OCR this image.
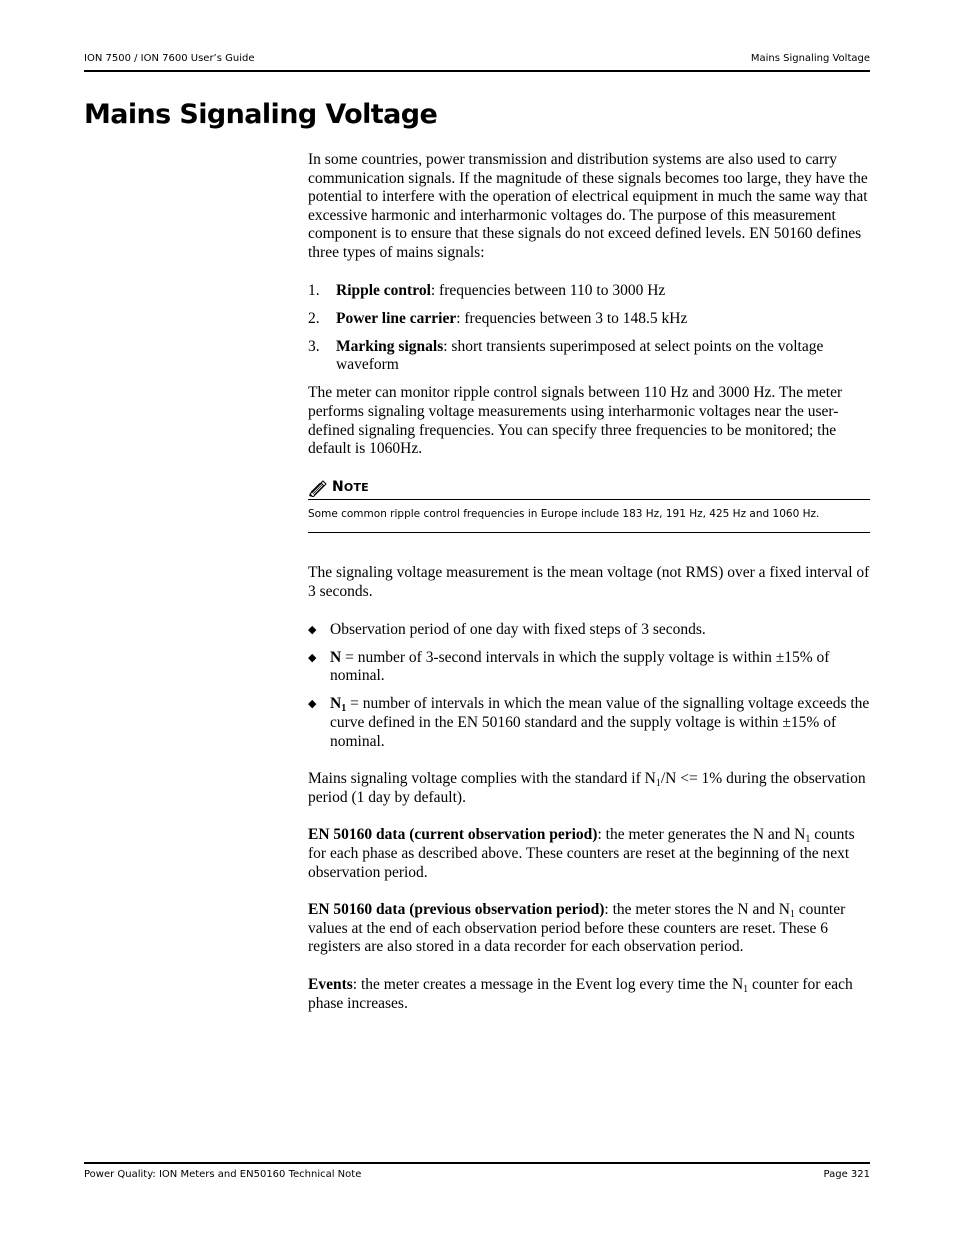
ION 7500 / ION 7600 User’s Guide	Mains Signaling Voltage
Mains Signaling Voltage

In some countries, power transmission and distribution systems are also used to carry communication signals. If the magnitude of these signals becomes too large, they have the potential to interfere with the operation of electrical equipment in much the same way that excessive harmonic and interharmonic voltages do. The purpose of this measurement component is to ensure that these signals do not exceed defined levels. EN 50160 defines three types of mains signals:

1. Ripple control: frequencies between 110 to 3000 Hz
2. Power line carrier: frequencies between 3 to 148.5 kHz
3. Marking signals: short transients superimposed at select points on the voltage waveform

The meter can monitor ripple control signals between 110 Hz and 3000 Hz. The meter performs signaling voltage measurements using interharmonic voltages near the user-defined signaling frequencies. You can specify three frequencies to be monitored; the default is 1060Hz.

NOTE
Some common ripple control frequencies in Europe include 183 Hz, 191 Hz, 425 Hz and 1060 Hz.

The signaling voltage measurement is the mean voltage (not RMS) over a fixed interval of 3 seconds.

◆ Observation period of one day with fixed steps of 3 seconds.
◆ N = number of 3-second intervals in which the supply voltage is within ±15% of nominal.
◆ $N_1$ = number of intervals in which the mean value of the signalling voltage exceeds the curve defined in the EN 50160 standard and the supply voltage is within ±15% of nominal.

Mains signaling voltage complies with the standard if $N_1/N <= 1\%$ during the observation period (1 day by default).

EN 50160 data (current observation period): the meter generates the N and $N_1$ counts for each phase as described above. These counters are reset at the beginning of the next observation period.

EN 50160 data (previous observation period): the meter stores the N and $N_1$ counter values at the end of each observation period before these counters are reset. These 6 registers are also stored in a data recorder for each observation period.

Events: the meter creates a message in the Event log every time the $N_1$ counter for each phase increases.

Power Quality: ION Meters and EN50160 Technical Note	Page 321
